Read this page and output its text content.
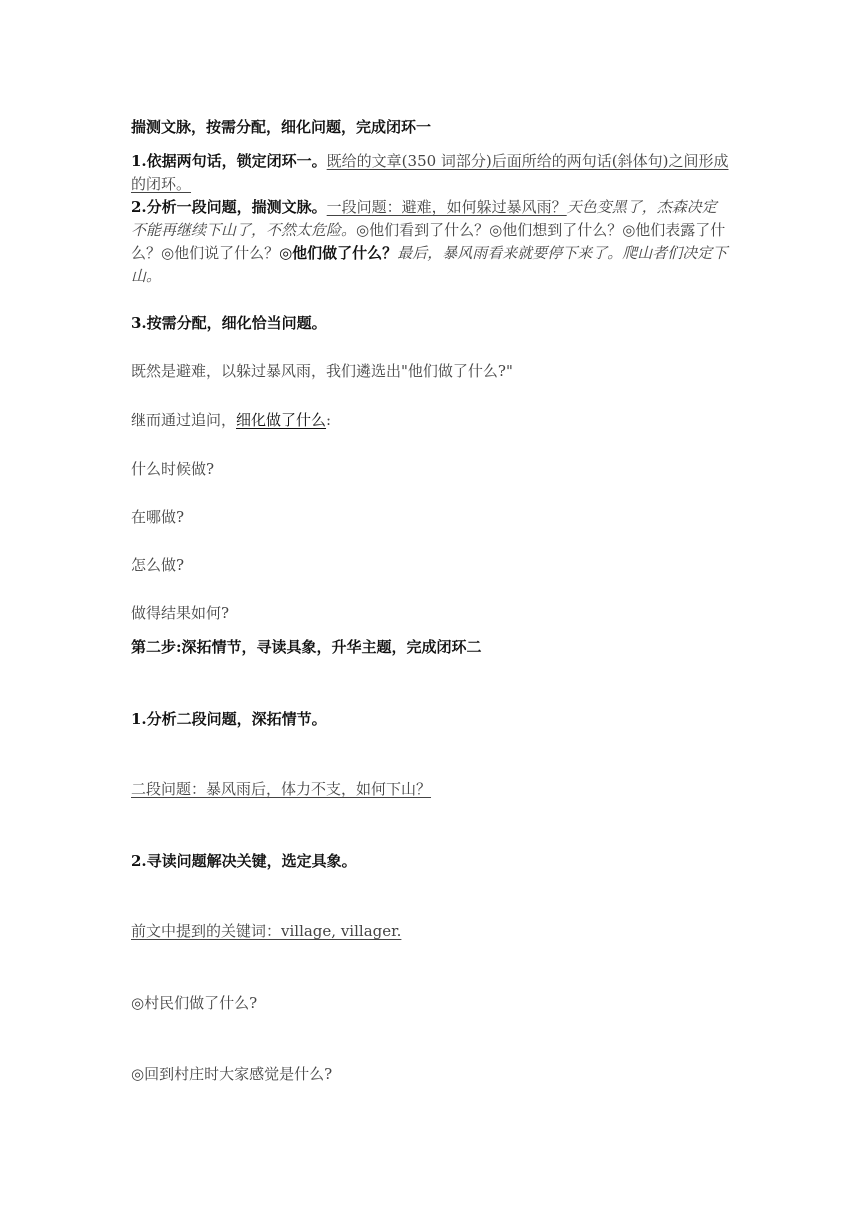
揣测文脉，按需分配，细化问题，完成闭环一
1.依据两句话，锁定闭环一。既给的文章(350 词部分)后面所给的两句话(斜体句)之间形成的闭环。
2.分析一段问题，揣测文脉。一段问题：避难，如何躲过暴风雨？天色变黑了，杰森决定不能再继续下山了，不然太危险。◎他们看到了什么？◎他们想到了什么？◎他们表露了什么？◎他们说了什么？◎他们做了什么？最后，暴风雨看来就要停下来了。爬山者们决定下山。
3.按需分配，细化恰当问题。
既然是避难，以躲过暴风雨，我们遴选出"他们做了什么?"
继而通过追问，细化做了什么:
什么时候做?
在哪做?
怎么做?
做得结果如何?
第二步:深拓情节，寻读具象，升华主题，完成闭环二
1.分析二段问题，深拓情节。
二段问题：暴风雨后，体力不支，如何下山？
2.寻读问题解决关键，选定具象。
前文中提到的关键词：village, villager.
◎村民们做了什么?
◎回到村庄时大家感觉是什么?
